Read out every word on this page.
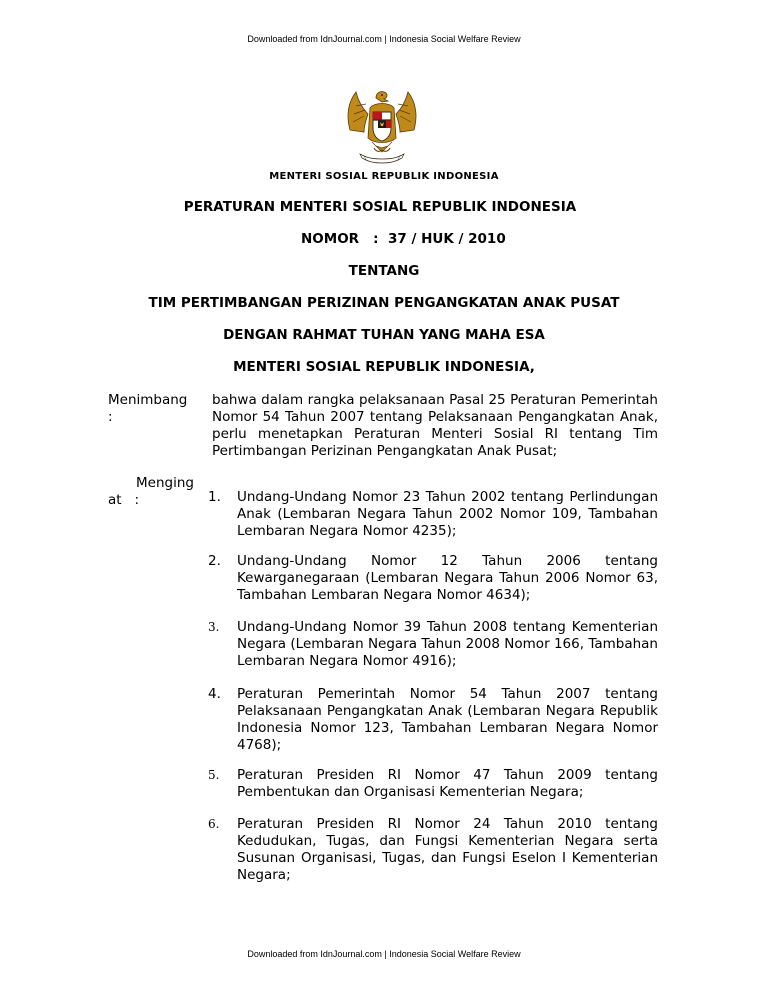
Downloaded from IdnJournal.com | Indonesia Social Welfare Review
MENTERI SOSIAL REPUBLIK INDONESIA
PERATURAN MENTERI SOSIAL REPUBLIK INDONESIA
NOMOR   :  37 / HUK / 2010
TENTANG
TIM PERTIMBANGAN PERIZINAN PENGANGKATAN ANAK PUSAT
DENGAN RAHMAT TUHAN YANG MAHA ESA
MENTERI SOSIAL REPUBLIK INDONESIA,
Menimbang
:
bahwa dalam rangka pelaksanaan Pasal 25 Peraturan Pemerintah Nomor 54 Tahun 2007 tentang Pelaksanaan Pengangkatan Anak, perlu menetapkan Peraturan Menteri Sosial RI tentang Tim Pertimbangan Perizinan Pengangkatan Anak Pusat;
Menging
at   :	1.	Undang-Undang Nomor 23 Tahun 2002 tentang Perlindungan Anak (Lembaran Negara Tahun 2002 Nomor 109, Tambahan Lembaran Negara Nomor 4235);
2.	Undang-Undang Nomor 12 Tahun 2006 tentang Kewarganegaraan (Lembaran Negara Tahun 2006 Nomor 63, Tambahan Lembaran Negara Nomor 4634);
3.	Undang-Undang Nomor 39 Tahun 2008 tentang Kementerian Negara (Lembaran Negara Tahun 2008 Nomor 166, Tambahan Lembaran Negara Nomor 4916);
4.	Peraturan Pemerintah Nomor 54 Tahun 2007 tentang Pelaksanaan Pengangkatan Anak (Lembaran Negara Republik Indonesia Nomor 123, Tambahan Lembaran Negara Nomor 4768);
5.	Peraturan Presiden RI Nomor 47 Tahun 2009 tentang Pembentukan dan Organisasi Kementerian Negara;
6.	Peraturan Presiden RI Nomor 24 Tahun 2010 tentang Kedudukan, Tugas, dan Fungsi Kementerian Negara serta Susunan Organisasi, Tugas, dan Fungsi Eselon I Kementerian Negara;
Downloaded from IdnJournal.com | Indonesia Social Welfare Review
